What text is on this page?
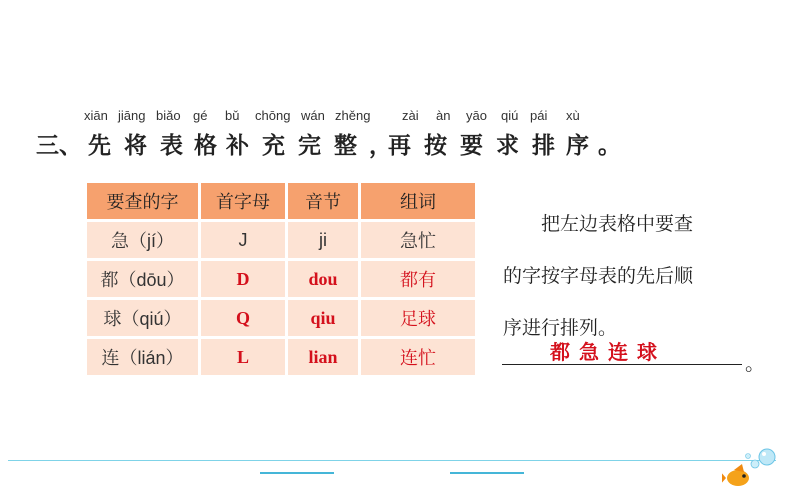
xiān jiāng biǎo gé bǔ chōng wán zhěng zài àn yāo qiú pái xù
三、 先 将 表 格 补 充 完 整 ，
再 按 要 求 排 序 。
要查的字	首字母	音节	组词
急（jí）	J	ji	急忙
都（dōu）	D	dou	都有
球（qiú）	Q	qiu	足球
连（lián）	L	lian	连忙
把左边表格中要查
的字按字母表的先后顺
序进行排列。
都急连球	。
